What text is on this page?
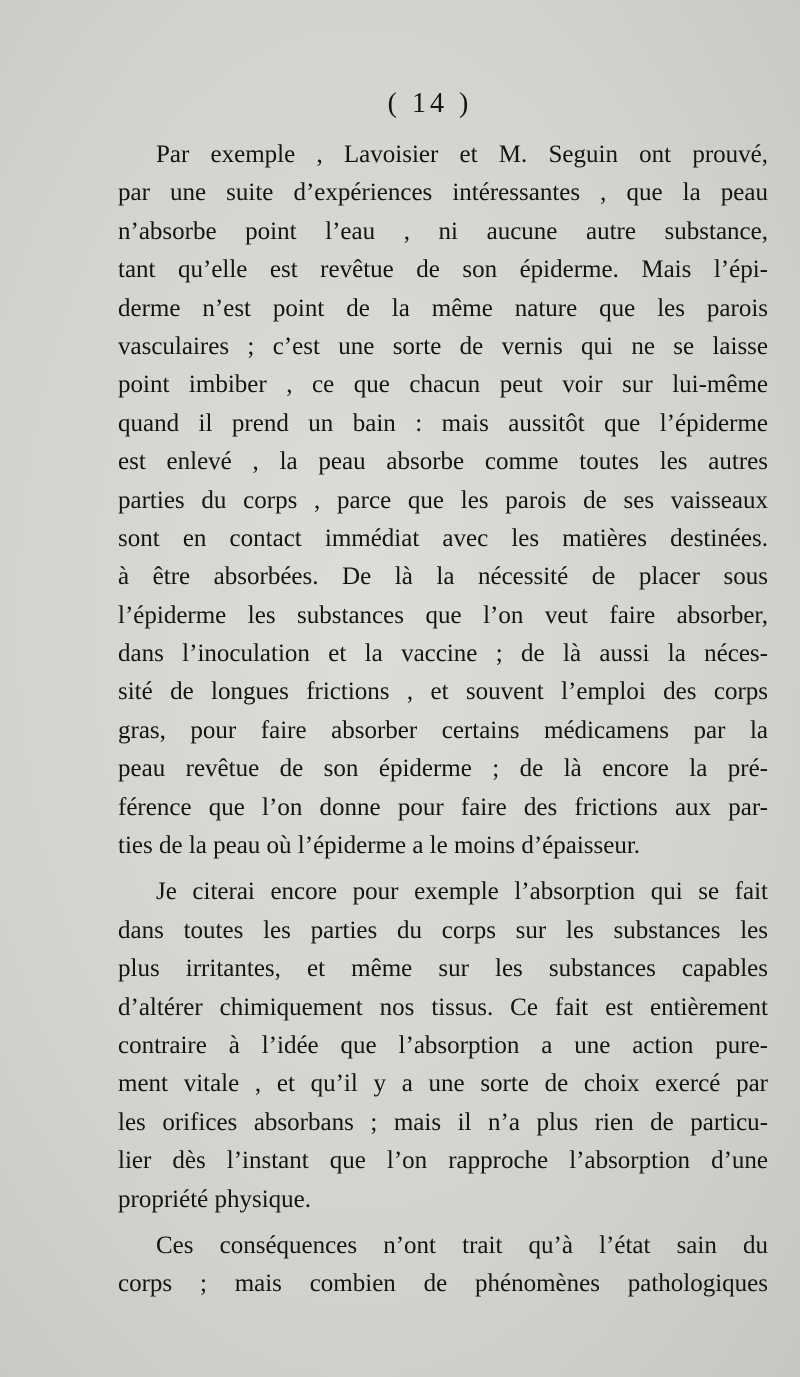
( 14 )
Par exemple , Lavoisier et M. Seguin ont prouvé,
par une suite d’expériences intéressantes , que la peau
n’absorbe point l’eau , ni aucune autre substance,
tant qu’elle est revêtue de son épiderme. Mais l’épi-
derme n’est point de la même nature que les parois
vasculaires ; c’est une sorte de vernis qui ne se laisse
point imbiber , ce que chacun peut voir sur lui-même
quand il prend un bain : mais aussitôt que l’épiderme
est enlevé , la peau absorbe comme toutes les autres
parties du corps , parce que les parois de ses vaisseaux
sont en contact immédiat avec les matières destinées.
à être absorbées. De là la nécessité de placer sous
l’épiderme les substances que l’on veut faire absorber,
dans l’inoculation et la vaccine ; de là aussi la néces-
sité de longues frictions , et souvent l’emploi des corps
gras, pour faire absorber certains médicamens par la
peau revêtue de son épiderme ; de là encore la pré-
férence que l’on donne pour faire des frictions aux par-
ties de la peau où l’épiderme a le moins d’épaisseur.
Je citerai encore pour exemple l’absorption qui se fait
dans toutes les parties du corps sur les substances les
plus irritantes, et même sur les substances capables
d’altérer chimiquement nos tissus. Ce fait est entièrement
contraire à l’idée que l’absorption a une action pure-
ment vitale , et qu’il y a une sorte de choix exercé par
les orifices absorbans ; mais il n’a plus rien de particu-
lier dès l’instant que l’on rapproche l’absorption d’une
propriété physique.
Ces conséquences n’ont trait qu’à l’état sain du
corps ; mais combien de phénomènes pathologiques
